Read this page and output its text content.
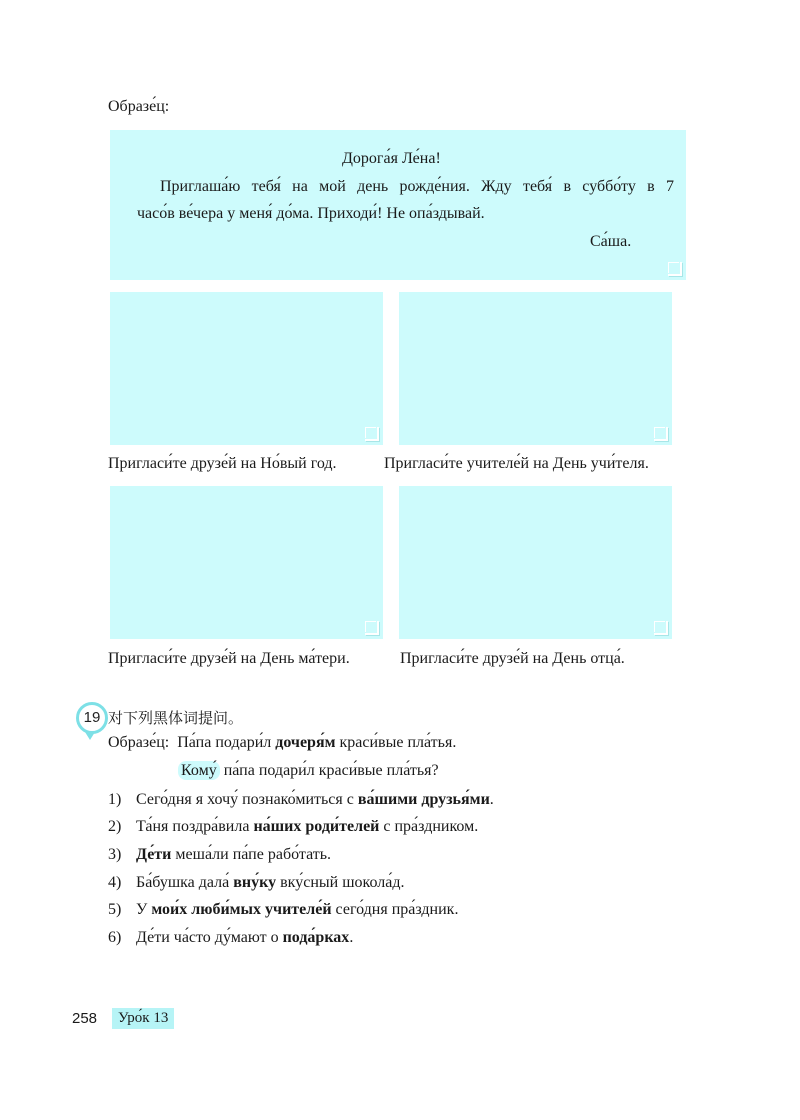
Образе́ц:
Дорога́я Ле́на!
Приглаша́ю тебя́ на мой день рожде́ния. Жду тебя́ в суббо́ту в 7
часо́в ве́чера у меня́ до́ма. Приходи́! Не опа́здывай.
Са́ша.
Пригласи́те друзе́й на Но́вый год.	Пригласи́те учителе́й на День учи́теля.
Пригласи́те друзе́й на День ма́тери.	Пригласи́те друзе́й на День отца́.
19 对下列黑体词提问。
Образе́ц: Па́па подари́л дочеря́м краси́вые пла́тья.
Кому́ па́па подари́л краси́вые пла́тья?
1) Сего́дня я хочу́ познако́миться с ва́шими друзья́ми.
2) Та́ня поздра́вила на́ших роди́телей с пра́здником.
3) Де́ти меша́ли па́пе рабо́тать.
4) Ба́бушка дала́ вну́ку вку́сный шокола́д.
5) У мои́х люби́мых учителе́й сего́дня пра́здник.
6) Де́ти ча́сто ду́мают о пода́рках.
258	Уро́к 13
